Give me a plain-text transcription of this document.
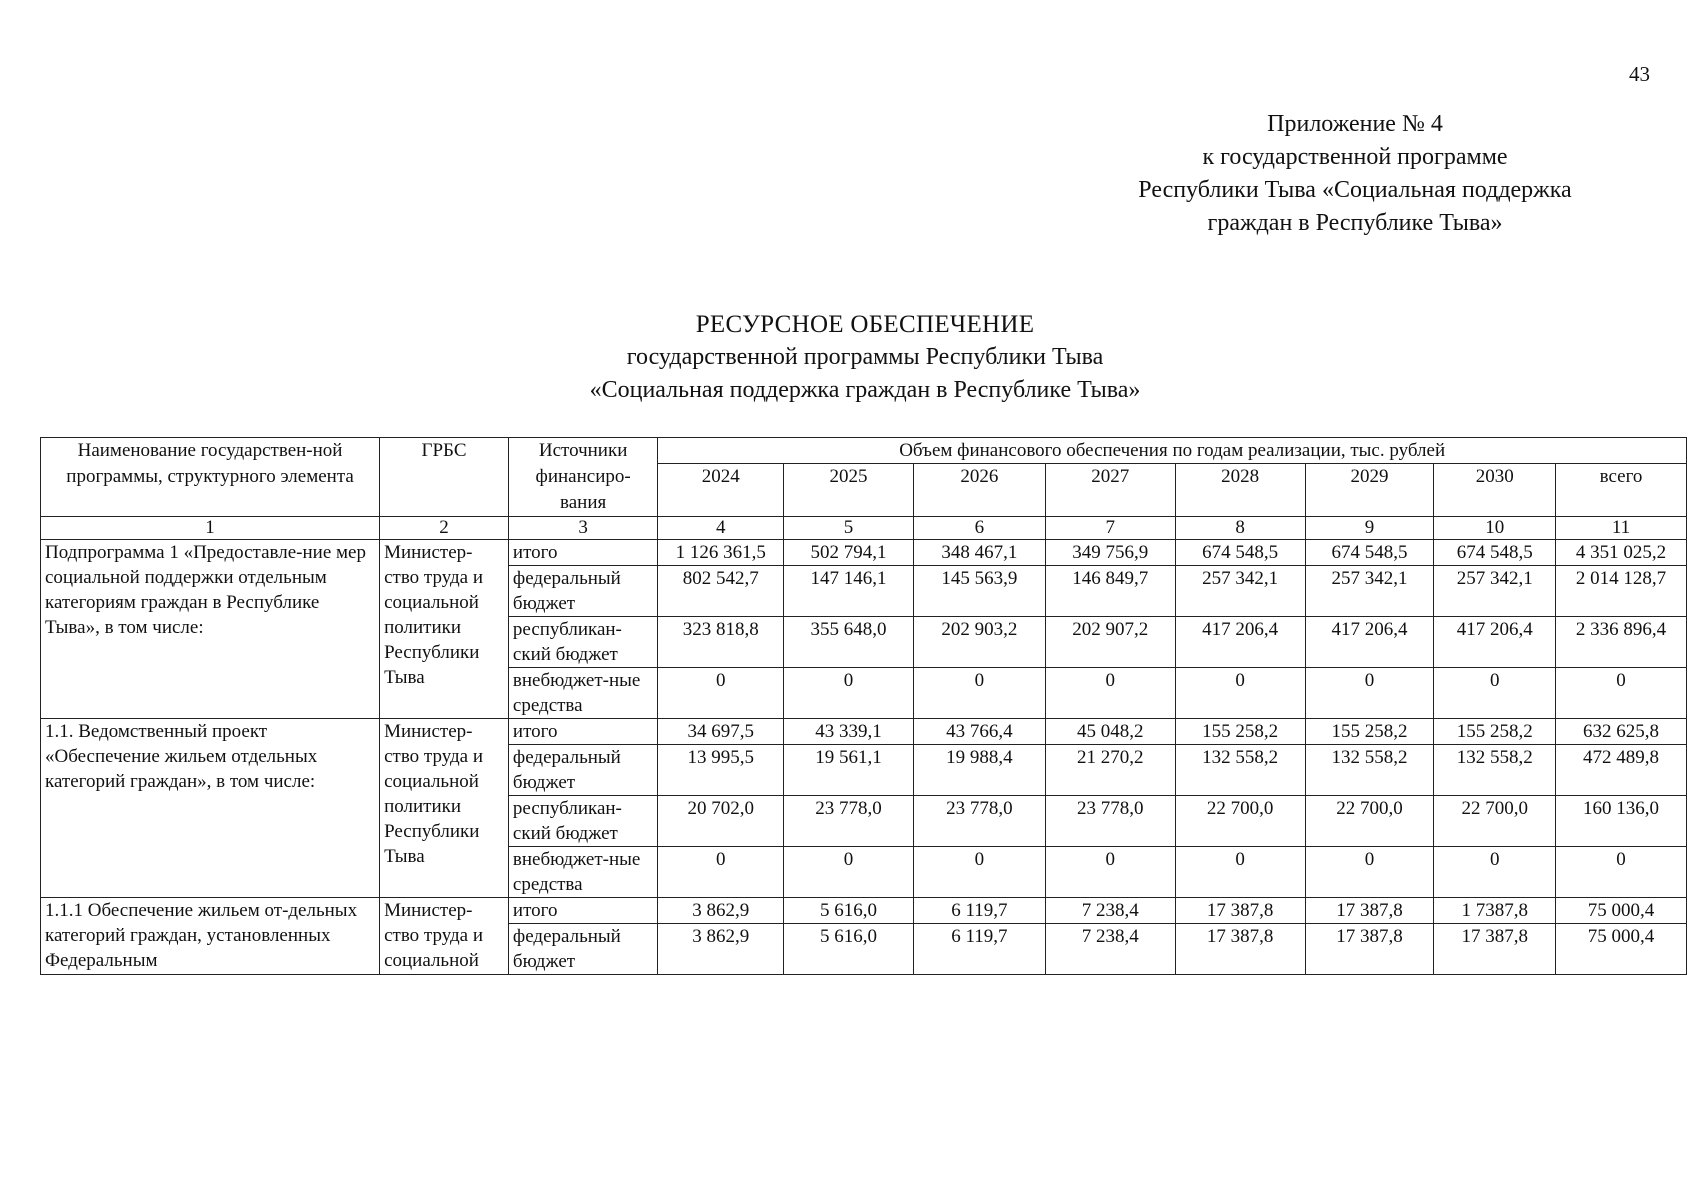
43
Приложение № 4
к государственной программе
Республики Тыва «Социальная поддержка
граждан в Республике Тыва»
РЕСУРСНОЕ ОБЕСПЕЧЕНИЕ
государственной программы Республики Тыва
«Социальная поддержка граждан в Республике Тыва»
Наименование государствен-ной программы, структурного элемента	ГРБС	Источники финансиро-вания	Объем финансового обеспечения по годам реализации, тыс. рублей							
			2024	2025	2026	2027	2028	2029	2030	всего
1	2	3	4	5	6	7	8	9	10	11
Подпрограмма 1 «Предоставле-ние мер социальной поддержки отдельным категориям граждан в Республике Тыва», в том числе:	Министер-ство труда и социальной политики Республики Тыва	итого	1 126 361,5	502 794,1	348 467,1	349 756,9	674 548,5	674 548,5	674 548,5	4 351 025,2
		федеральный бюджет	802 542,7	147 146,1	145 563,9	146 849,7	257 342,1	257 342,1	257 342,1	2 014 128,7
		республикан-ский бюджет	323 818,8	355 648,0	202 903,2	202 907,2	417 206,4	417 206,4	417 206,4	2 336 896,4
		внебюджет-ные средства	0	0	0	0	0	0	0	0
1.1. Ведомственный проект «Обеспечение жильем отдельных категорий граждан», в том числе:	Министер-ство труда и социальной политики Республики Тыва	итого	34 697,5	43 339,1	43 766,4	45 048,2	155 258,2	155 258,2	155 258,2	632 625,8
		федеральный бюджет	13 995,5	19 561,1	19 988,4	21 270,2	132 558,2	132 558,2	132 558,2	472 489,8
		республикан-ский бюджет	20 702,0	23 778,0	23 778,0	23 778,0	22 700,0	22 700,0	22 700,0	160 136,0
		внебюджет-ные средства	0	0	0	0	0	0	0	0
1.1.1 Обеспечение жильем от-дельных категорий граждан, установленных Федеральным	Министер-ство труда и социальной	итого	3 862,9	5 616,0	6 119,7	7 238,4	17 387,8	17 387,8	1 7387,8	75 000,4
		федеральный бюджет	3 862,9	5 616,0	6 119,7	7 238,4	17 387,8	17 387,8	17 387,8	75 000,4
